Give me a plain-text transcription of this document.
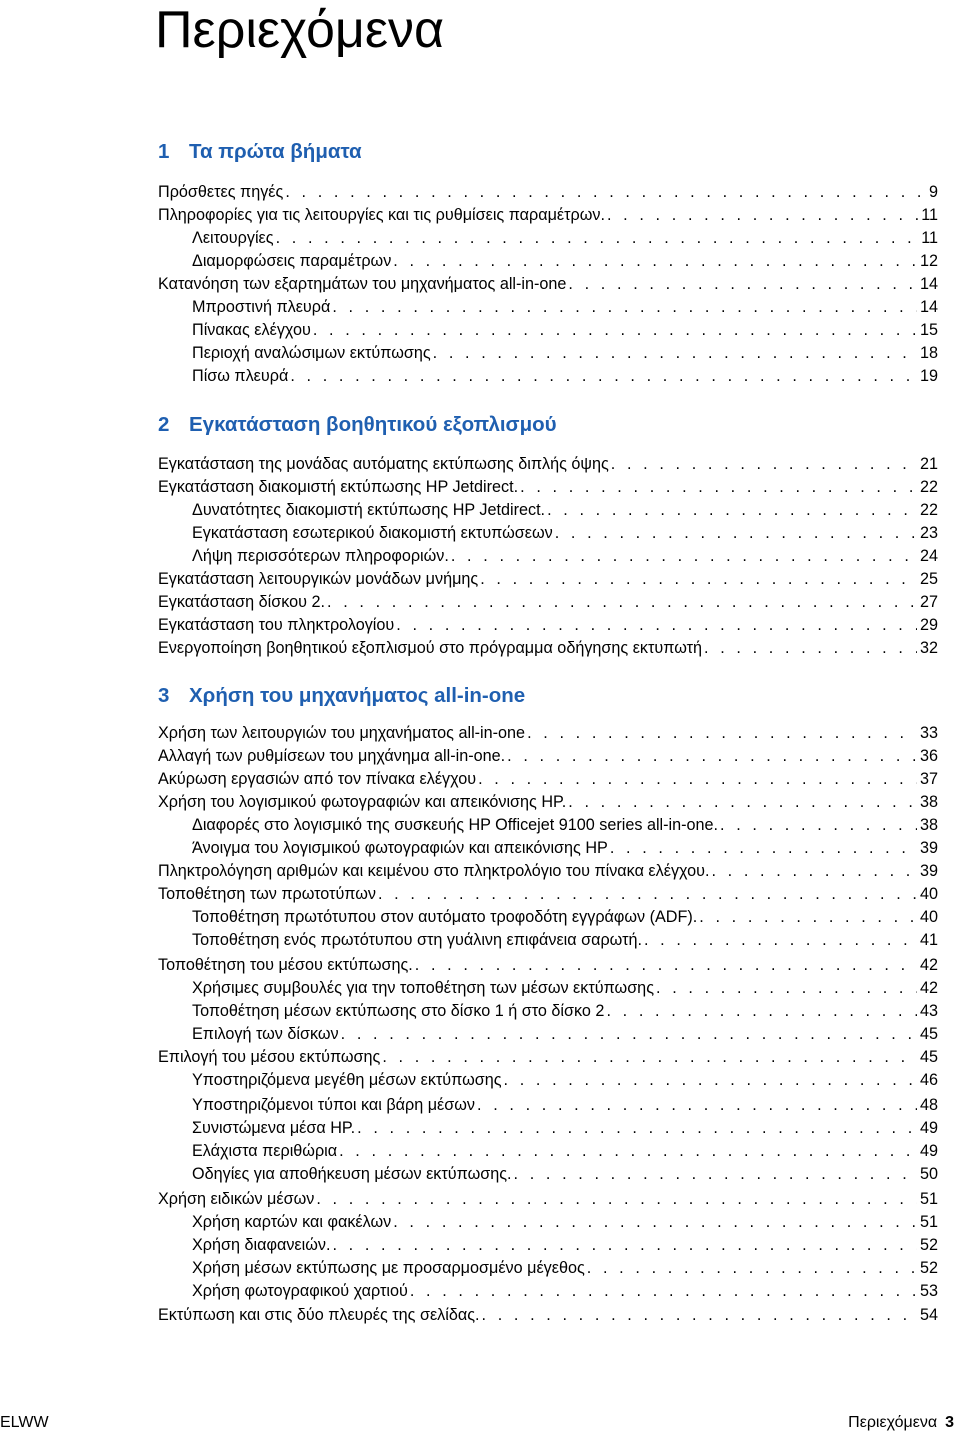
Περιεχόμενα
1 Τα πρώτα βήματα
Πρόσθετες πηγές . . .	9
Πληροφορίες για τις λειτουργίες και τις ρυθμίσεις παραμέτρων. . . .	11
Λειτουργίες . . .	11
Διαμορφώσεις παραμέτρων . . .	12
Κατανόηση των εξαρτημάτων του μηχανήματος all-in-one . . .	14
Μπροστινή πλευρά . . .	14
Πίνακας ελέγχου . . .	15
Περιοχή αναλώσιμων εκτύπωσης . . .	18
Πίσω πλευρά . . .	19
2 Εγκατάσταση βοηθητικού εξοπλισμού
Εγκατάσταση της μονάδας αυτόματης εκτύπωσης διπλής όψης . . .	21
Εγκατάσταση διακομιστή εκτύπωσης HP Jetdirect. . . .	22
Δυνατότητες διακομιστή εκτύπωσης HP Jetdirect. . . .	22
Εγκατάσταση εσωτερικού διακομιστή εκτυπώσεων . . .	23
Λήψη περισσότερων πληροφοριών. . . .	24
Εγκατάσταση λειτουργικών μονάδων μνήμης . . .	25
Εγκατάσταση δίσκου 2. . . .	27
Εγκατάσταση του πληκτρολογίου . . .	29
Ενεργοποίηση βοηθητικού εξοπλισμού στο πρόγραμμα οδήγησης εκτυπωτή . . .	32
3 Χρήση του μηχανήματος all-in-one
Χρήση των λειτουργιών του μηχανήματος all-in-one . . .	33
Αλλαγή των ρυθμίσεων του μηχάνημα all-in-one. . . .	36
Ακύρωση εργασιών από τον πίνακα ελέγχου . . .	37
Χρήση του λογισμικού φωτογραφιών και απεικόνισης HP. . . .	38
Διαφορές στο λογισμικό της συσκευής HP Officejet 9100 series all-in-one. . . .	38
Άνοιγμα του λογισμικού φωτογραφιών και απεικόνισης HP . . .	39
Πληκτρολόγηση αριθμών και κειμένου στο πληκτρολόγιο του πίνακα ελέγχου. . . .	39
Τοποθέτηση των πρωτοτύπων . . .	40
Τοποθέτηση πρωτότυπου στον αυτόματο τροφοδότη εγγράφων (ADF). . . .	40
Τοποθέτηση ενός πρωτότυπου στη γυάλινη επιφάνεια σαρωτή. . . .	41
Τοποθέτηση του μέσου εκτύπωσης. . . .	42
Χρήσιμες συμβουλές για την τοποθέτηση των μέσων εκτύπωσης . . .	42
Τοποθέτηση μέσων εκτύπωσης στο δίσκο 1 ή στο δίσκο 2 . . .	43
Επιλογή των δίσκων . . .	45
Επιλογή του μέσου εκτύπωσης . . .	45
Υποστηριζόμενα μεγέθη μέσων εκτύπωσης . . .	46
Υποστηριζόμενοι τύποι και βάρη μέσων . . .	48
Συνιστώμενα μέσα HP. . . .	49
Ελάχιστα περιθώρια . . .	49
Οδηγίες για αποθήκευση μέσων εκτύπωσης. . . .	50
Χρήση ειδικών μέσων . . .	51
Χρήση καρτών και φακέλων . . .	51
Χρήση διαφανειών. . . .	52
Χρήση μέσων εκτύπωσης με προσαρμοσμένο μέγεθος . . .	52
Χρήση φωτογραφικού χαρτιού . . .	53
Εκτύπωση και στις δύο πλευρές της σελίδας. . . .	54
ELWW	Περιεχόμενα 3
